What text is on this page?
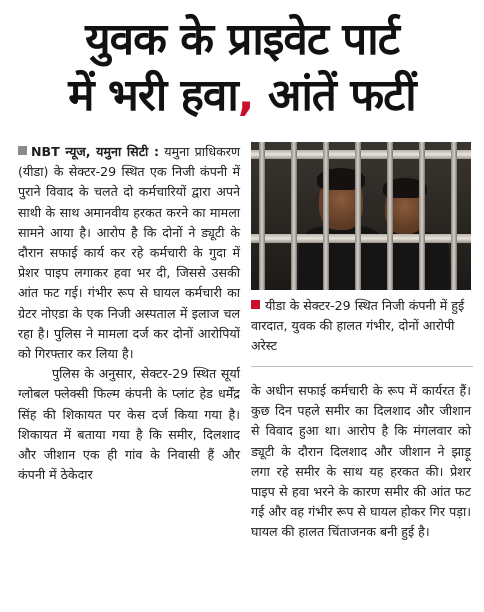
युवक के प्राइवेट पार्ट
में भरी हवा, आंतें फटीं

NBT न्यूज, यमुना सिटी : यमुना प्राधिकरण (यीडा) के सेक्टर-29 स्थित एक निजी कंपनी में पुराने विवाद के चलते दो कर्मचारियों द्वारा अपने साथी के साथ अमानवीय हरकत करने का मामला सामने आया है। आरोप है कि दोनों ने ड्यूटी के दौरान सफाई कार्य कर रहे कर्मचारी के गुदा में प्रेशर पाइप लगाकर हवा भर दी, जिससे उसकी आंत फट गई। गंभीर रूप से घायल कर्मचारी का ग्रेटर नोएडा के एक निजी अस्पताल में इलाज चल रहा है। पुलिस ने मामला दर्ज कर दोनों आरोपियों को गिरफ्तार कर लिया है।

पुलिस के अनुसार, सेक्टर-29 स्थित सूर्या ग्लोबल फ्लेक्सी फिल्म कंपनी के प्लांट हेड धर्मेंद्र सिंह की शिकायत पर केस दर्ज किया गया है। शिकायत में बताया गया है कि समीर, दिलशाद और जीशान एक ही गांव के निवासी हैं और कंपनी में ठेकेदार

यीडा के सेक्टर-29 स्थित निजी कंपनी में हुई वारदात, युवक की हालत गंभीर, दोनों आरोपी अरेस्ट

के अधीन सफाई कर्मचारी के रूप में कार्यरत हैं। कुछ दिन पहले समीर का दिलशाद और जीशान से विवाद हुआ था। आरोप है कि मंगलवार को ड्यूटी के दौरान दिलशाद और जीशान ने झाड़ू लगा रहे समीर के साथ यह हरकत की। प्रेशर पाइप से हवा भरने के कारण समीर की आंत फट गई और वह गंभीर रूप से घायल होकर गिर पड़ा। घायल की हालत चिंताजनक बनी हुई है।
